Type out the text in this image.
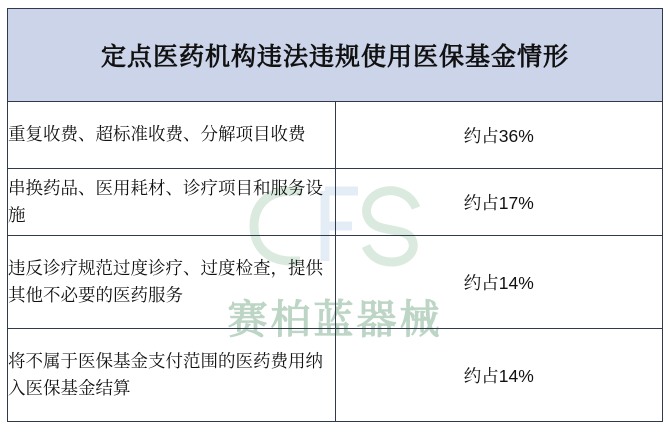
赛柏蓝器械
定点医药机构违法违规使用医保基金情形	
重复收费、超标准收费、分解项目收费	约占36%
串换药品、医用耗材、诊疗项目和服务设施	约占17%
违反诊疗规范过度诊疗、过度检查，提供其他不必要的医药服务	约占14%
将不属于医保基金支付范围的医药费用纳入医保基金结算	约占14%
